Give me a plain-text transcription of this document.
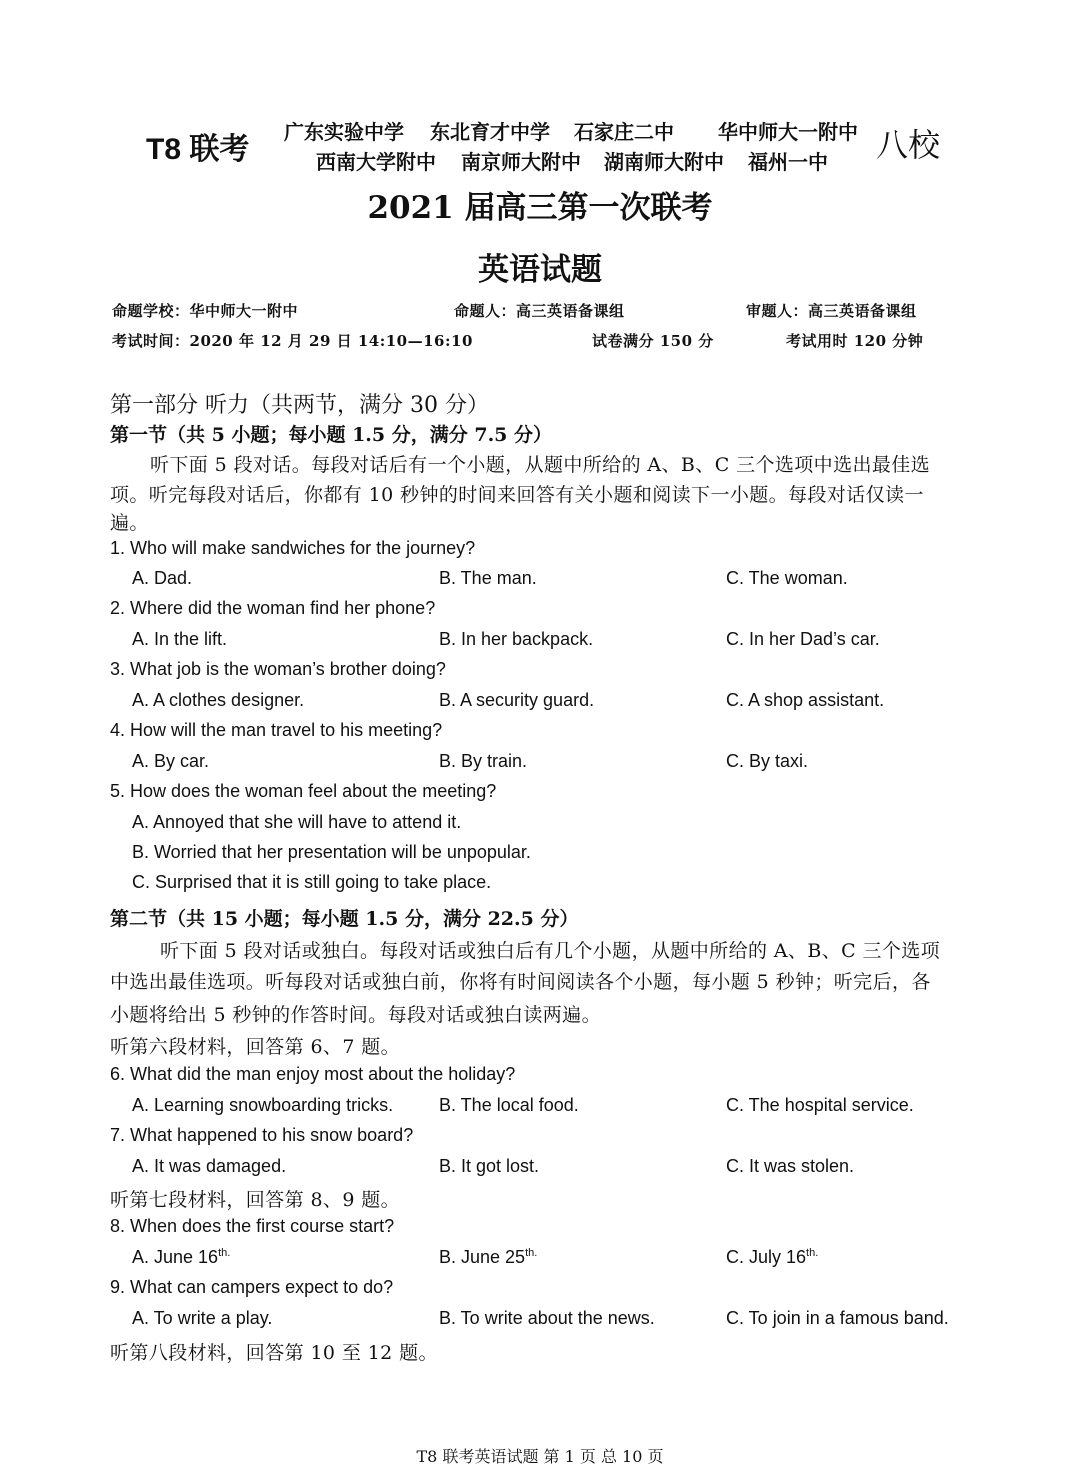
T8 联考
广东实验中学 东北育才中学 石家庄二中 华中师大一附中
西南大学附中 南京师大附中 湖南师大附中 福州一中 八校
2021 届高三第一次联考
英语试题
命题学校：华中师大一附中	命题人：高三英语备课组	审题人：高三英语备课组
考试时间：2020 年 12 月 29 日 14:10—16:10	试卷满分 150 分	考试用时 120 分钟
第一部分 听力（共两节，满分 30 分）
第一节（共 5 小题；每小题 1.5 分，满分 7.5 分）
听下面 5 段对话。每段对话后有一个小题，从题中所给的 A、B、C 三个选项中选出最佳选
项。听完每段对话后，你都有 10 秒钟的时间来回答有关小题和阅读下一小题。每段对话仅读一
遍。
1. Who will make sandwiches for the journey?
A. Dad.	B. The man.	C. The woman.
2. Where did the woman find her phone?
A. In the lift.	B. In her backpack.	C. In her Dad’s car.
3. What job is the woman’s brother doing?
A. A clothes designer.	B. A security guard.	C. A shop assistant.
4. How will the man travel to his meeting?
A. By car.	B. By train.	C. By taxi.
5. How does the woman feel about the meeting?
A. Annoyed that she will have to attend it.
B. Worried that her presentation will be unpopular.
C. Surprised that it is still going to take place.
第二节（共 15 小题；每小题 1.5 分，满分 22.5 分）
听下面 5 段对话或独白。每段对话或独白后有几个小题，从题中所给的 A、B、C 三个选项
中选出最佳选项。听每段对话或独白前，你将有时间阅读各个小题，每小题 5 秒钟；听完后，各
小题将给出 5 秒钟的作答时间。每段对话或独白读两遍。
听第六段材料，回答第 6、7 题。
6. What did the man enjoy most about the holiday?
A. Learning snowboarding tricks.	B. The local food.	C. The hospital service.
7. What happened to his snow board?
A. It was damaged.	B. It got lost.	C. It was stolen.
听第七段材料，回答第 8、9 题。
8. When does the first course start?
A. June $16^{th.}$	B. June $25^{th.}$	C. July $16^{th.}$
9. What can campers expect to do?
A. To write a play.	B. To write about the news.	C. To join in a famous band.
听第八段材料，回答第 10 至 12 题。
T8 联考英语试题 第 1 页 总 10 页
